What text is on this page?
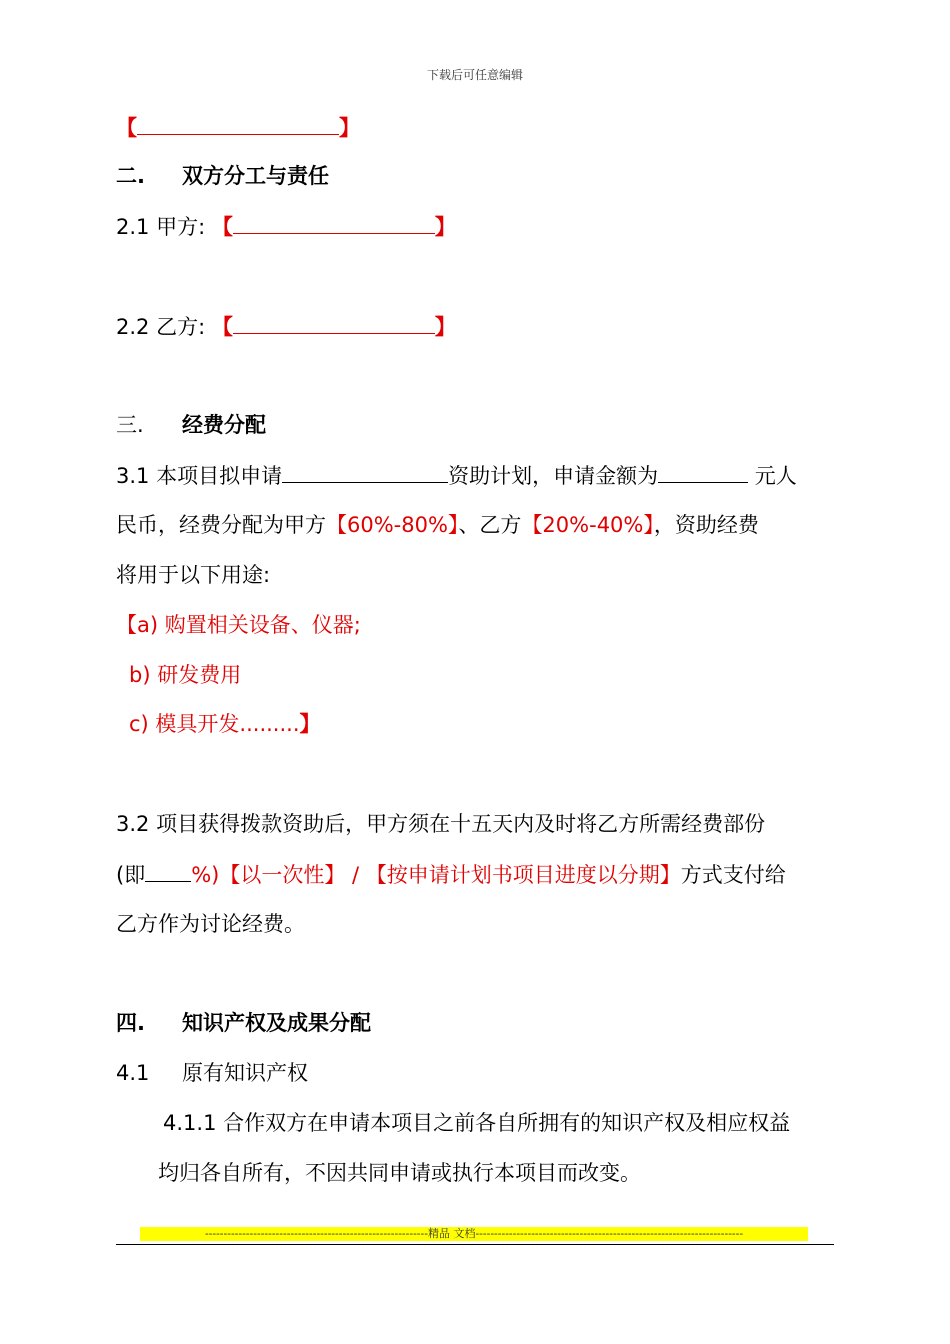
下载后可任意编辑
【	】
二. 双方分工与责任
2.1 甲方: 【	】
2.2 乙方: 【	】
三. 经费分配
3.1 本项目拟申请	资助计划，申请金额为	元人
民币，经费分配为甲方【60%-80%】、乙方【20%-40%】，资助经费
将用于以下用途:
【a) 购置相关设备、仪器;
b) 研发费用
c) 模具开发.........】
3.2 项目获得拨款资助后，甲方须在十五天内及时将乙方所需经费部份
(即 %)【以一次性】 / 【按申请计划书项目进度以分期】方式支付给
乙方作为讨论经费。
四. 知识产权及成果分配
4.1 原有知识产权
4.1.1 合作双方在申请本项目之前各自所拥有的知识产权及相应权益
均归各自所有，不因共同申请或执行本项目而改变。
------------------------------------------------------------精品 文档------------------------------------------------------------------------
